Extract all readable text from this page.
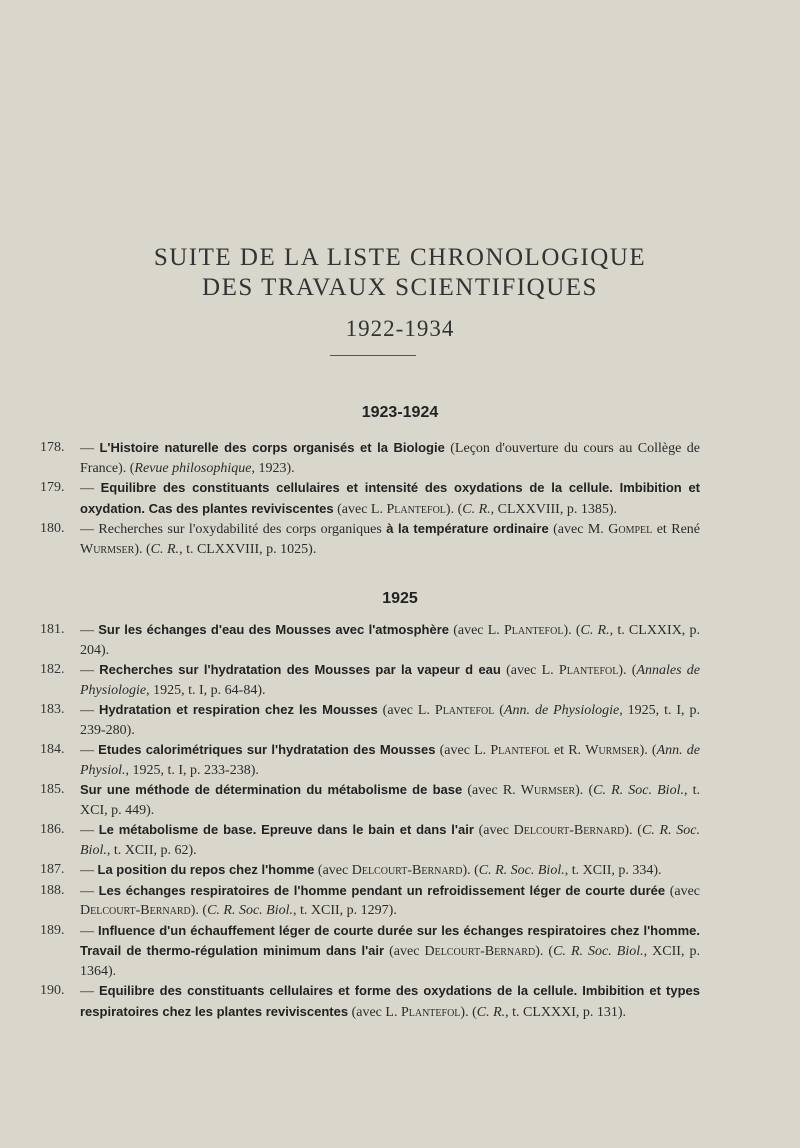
SUITE DE LA LISTE CHRONOLOGIQUE
DES TRAVAUX SCIENTIFIQUES
1922-1934
1923-1924
178.	— L'Histoire naturelle des corps organisés et la Biologie (Leçon d'ouverture du cours au Collège de France). (Revue philosophique, 1923).
179.	— Equilibre des constituants cellulaires et intensité des oxydations de la cellule. Imbibition et oxydation. Cas des plantes reviviscentes (avec L. Plantefol). (C. R., CLXXVIII, p. 1385).
180.	— Recherches sur l'oxydabilité des corps organiques à la température ordinaire (avec M. Gompel et René Wurmser). (C. R., t. CLXXVIII, p. 1025).
1925
181.	— Sur les échanges d'eau des Mousses avec l'atmosphère (avec L. Plantefol). (C. R., t. CLXXIX, p. 204).
182.	— Recherches sur l'hydratation des Mousses par la vapeur d eau (avec L. Plantefol). (Annales de Physiologie, 1925, t. I, p. 64-84).
183.	— Hydratation et respiration chez les Mousses (avec L. Plantefol (Ann. de Physiologie, 1925, t. I, p. 239-280).
184.	— Etudes calorimétriques sur l'hydratation des Mousses (avec L. Plantefol et R. Wurmser). (Ann. de Physiol., 1925, t. I, p. 233-238).
185.	Sur une méthode de détermination du métabolisme de base (avec R. Wurmser). (C. R. Soc. Biol., t. XCI, p. 449).
186.	— Le métabolisme de base. Epreuve dans le bain et dans l'air (avec Delcourt-Bernard). (C. R. Soc. Biol., t. XCII, p. 62).
187.	— La position du repos chez l'homme (avec Delcourt-Bernard). (C. R. Soc. Biol., t. XCII, p. 334).
188.	— Les échanges respiratoires de l'homme pendant un refroidissement léger de courte durée (avec Delcourt-Bernard). (C. R. Soc. Biol., t. XCII, p. 1297).
189.	— Influence d'un échauffement léger de courte durée sur les échanges respiratoires chez l'homme. Travail de thermo-régulation minimum dans l'air (avec Delcourt-Bernard). (C. R. Soc. Biol., XCII, p. 1364).
190.	— Equilibre des constituants cellulaires et forme des oxydations de la cellule. Imbibition et types respiratoires chez les plantes reviviscentes (avec L. Plantefol). (C. R., t. CLXXXI, p. 131).
